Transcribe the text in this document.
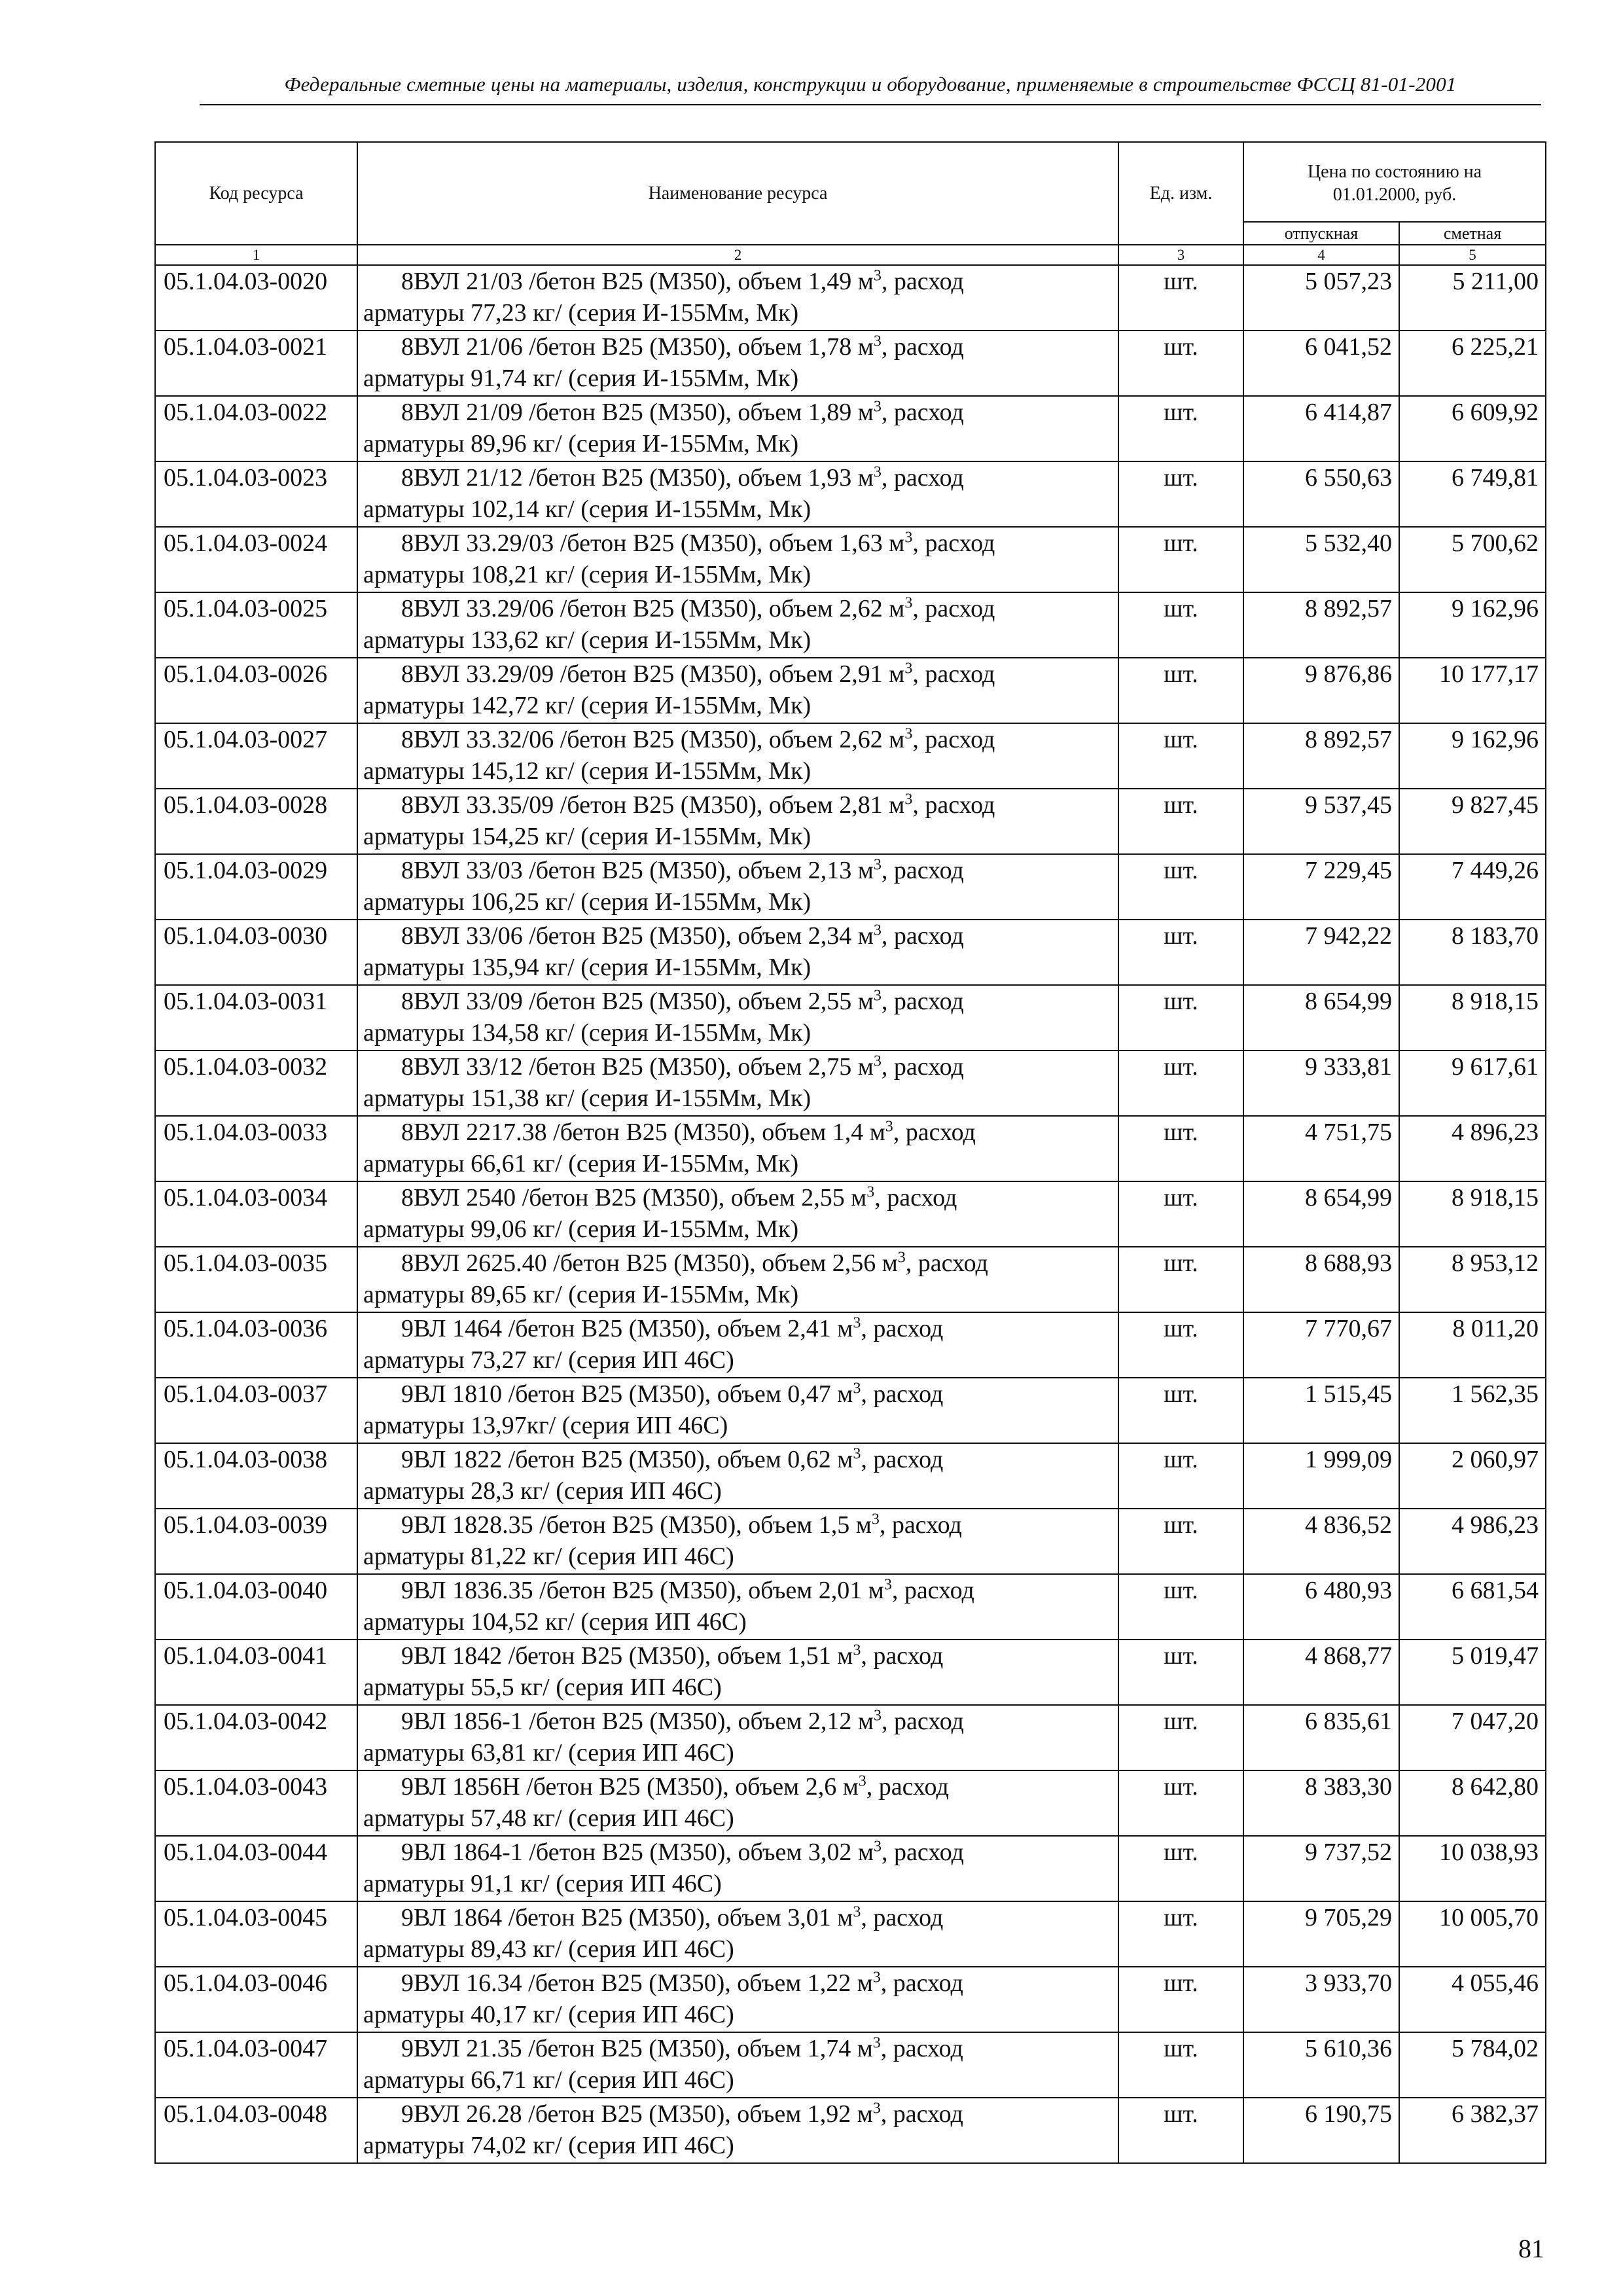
Федеральные сметные цены на материалы, изделия, конструкции и оборудование, применяемые в строительстве ФССЦ 81-01-2001
Код ресурса	Наименование ресурса	Ед. изм.	Цена по состоянию на
01.01.2000, руб.	

			отпускная	сметная
1	2	3	4	5
05.1.04.03-0020	8ВУЛ 21/03 /бетон В25 (М350), объем 1,49 $м^3$, расход
арматуры 77,23 кг/ (серия И-155Мм, Мк)	шт.	5 057,23	5 211,00
05.1.04.03-0021	8ВУЛ 21/06 /бетон В25 (М350), объем 1,78 $м^3$, расход
арматуры 91,74 кг/ (серия И-155Мм, Мк)	шт.	6 041,52	6 225,21
05.1.04.03-0022	8ВУЛ 21/09 /бетон В25 (М350), объем 1,89 $м^3$, расход
арматуры 89,96 кг/ (серия И-155Мм, Мк)	шт.	6 414,87	6 609,92
05.1.04.03-0023	8ВУЛ 21/12 /бетон В25 (М350), объем 1,93 $м^3$, расход
арматуры 102,14 кг/ (серия И-155Мм, Мк)	шт.	6 550,63	6 749,81
05.1.04.03-0024	8ВУЛ 33.29/03 /бетон В25 (М350), объем 1,63 $м^3$, расход
арматуры 108,21 кг/ (серия И-155Мм, Мк)	шт.	5 532,40	5 700,62
05.1.04.03-0025	8ВУЛ 33.29/06 /бетон В25 (М350), объем 2,62 $м^3$, расход
арматуры 133,62 кг/ (серия И-155Мм, Мк)	шт.	8 892,57	9 162,96
05.1.04.03-0026	8ВУЛ 33.29/09 /бетон В25 (М350), объем 2,91 $м^3$, расход
арматуры 142,72 кг/ (серия И-155Мм, Мк)	шт.	9 876,86	10 177,17
05.1.04.03-0027	8ВУЛ 33.32/06 /бетон В25 (М350), объем 2,62 $м^3$, расход
арматуры 145,12 кг/ (серия И-155Мм, Мк)	шт.	8 892,57	9 162,96
05.1.04.03-0028	8ВУЛ 33.35/09 /бетон В25 (М350), объем 2,81 $м^3$, расход
арматуры 154,25 кг/ (серия И-155Мм, Мк)	шт.	9 537,45	9 827,45
05.1.04.03-0029	8ВУЛ 33/03 /бетон В25 (М350), объем 2,13 $м^3$, расход
арматуры 106,25 кг/ (серия И-155Мм, Мк)	шт.	7 229,45	7 449,26
05.1.04.03-0030	8ВУЛ 33/06 /бетон В25 (М350), объем 2,34 $м^3$, расход
арматуры 135,94 кг/ (серия И-155Мм, Мк)	шт.	7 942,22	8 183,70
05.1.04.03-0031	8ВУЛ 33/09 /бетон В25 (М350), объем 2,55 $м^3$, расход
арматуры 134,58 кг/ (серия И-155Мм, Мк)	шт.	8 654,99	8 918,15
05.1.04.03-0032	8ВУЛ 33/12 /бетон В25 (М350), объем 2,75 $м^3$, расход
арматуры 151,38 кг/ (серия И-155Мм, Мк)	шт.	9 333,81	9 617,61
05.1.04.03-0033	8ВУЛ 2217.38 /бетон В25 (М350), объем 1,4 $м^3$, расход
арматуры 66,61 кг/ (серия И-155Мм, Мк)	шт.	4 751,75	4 896,23
05.1.04.03-0034	8ВУЛ 2540 /бетон В25 (М350), объем 2,55 $м^3$, расход
арматуры 99,06 кг/ (серия И-155Мм, Мк)	шт.	8 654,99	8 918,15
05.1.04.03-0035	8ВУЛ 2625.40 /бетон В25 (М350), объем 2,56 $м^3$, расход
арматуры 89,65 кг/ (серия И-155Мм, Мк)	шт.	8 688,93	8 953,12
05.1.04.03-0036	9ВЛ 1464 /бетон В25 (М350), объем 2,41 $м^3$, расход
арматуры 73,27 кг/ (серия ИП 46С)	шт.	7 770,67	8 011,20
05.1.04.03-0037	9ВЛ 1810 /бетон В25 (М350), объем 0,47 $м^3$, расход
арматуры 13,97кг/ (серия ИП 46С)	шт.	1 515,45	1 562,35
05.1.04.03-0038	9ВЛ 1822 /бетон В25 (М350), объем 0,62 $м^3$, расход
арматуры 28,3 кг/ (серия ИП 46С)	шт.	1 999,09	2 060,97
05.1.04.03-0039	9ВЛ 1828.35 /бетон В25 (М350), объем 1,5 $м^3$, расход
арматуры 81,22 кг/ (серия ИП 46С)	шт.	4 836,52	4 986,23
05.1.04.03-0040	9ВЛ 1836.35 /бетон В25 (М350), объем 2,01 $м^3$, расход
арматуры 104,52 кг/ (серия ИП 46С)	шт.	6 480,93	6 681,54
05.1.04.03-0041	9ВЛ 1842 /бетон В25 (М350), объем 1,51 $м^3$, расход
арматуры 55,5 кг/ (серия ИП 46С)	шт.	4 868,77	5 019,47
05.1.04.03-0042	9ВЛ 1856-1 /бетон В25 (М350), объем 2,12 $м^3$, расход
арматуры 63,81 кг/ (серия ИП 46С)	шт.	6 835,61	7 047,20
05.1.04.03-0043	9ВЛ 1856Н /бетон В25 (М350), объем 2,6 $м^3$, расход
арматуры 57,48 кг/ (серия ИП 46С)	шт.	8 383,30	8 642,80
05.1.04.03-0044	9ВЛ 1864-1 /бетон В25 (М350), объем 3,02 $м^3$, расход
арматуры 91,1 кг/ (серия ИП 46С)	шт.	9 737,52	10 038,93
05.1.04.03-0045	9ВЛ 1864 /бетон В25 (М350), объем 3,01 $м^3$, расход
арматуры 89,43 кг/ (серия ИП 46С)	шт.	9 705,29	10 005,70
05.1.04.03-0046	9ВУЛ 16.34 /бетон В25 (М350), объем 1,22 $м^3$, расход
арматуры 40,17 кг/ (серия ИП 46С)	шт.	3 933,70	4 055,46
05.1.04.03-0047	9ВУЛ 21.35 /бетон В25 (М350), объем 1,74 $м^3$, расход
арматуры 66,71 кг/ (серия ИП 46С)	шт.	5 610,36	5 784,02
05.1.04.03-0048	9ВУЛ 26.28 /бетон В25 (М350), объем 1,92 $м^3$, расход
арматуры 74,02 кг/ (серия ИП 46С)	шт.	6 190,75	6 382,37
81
